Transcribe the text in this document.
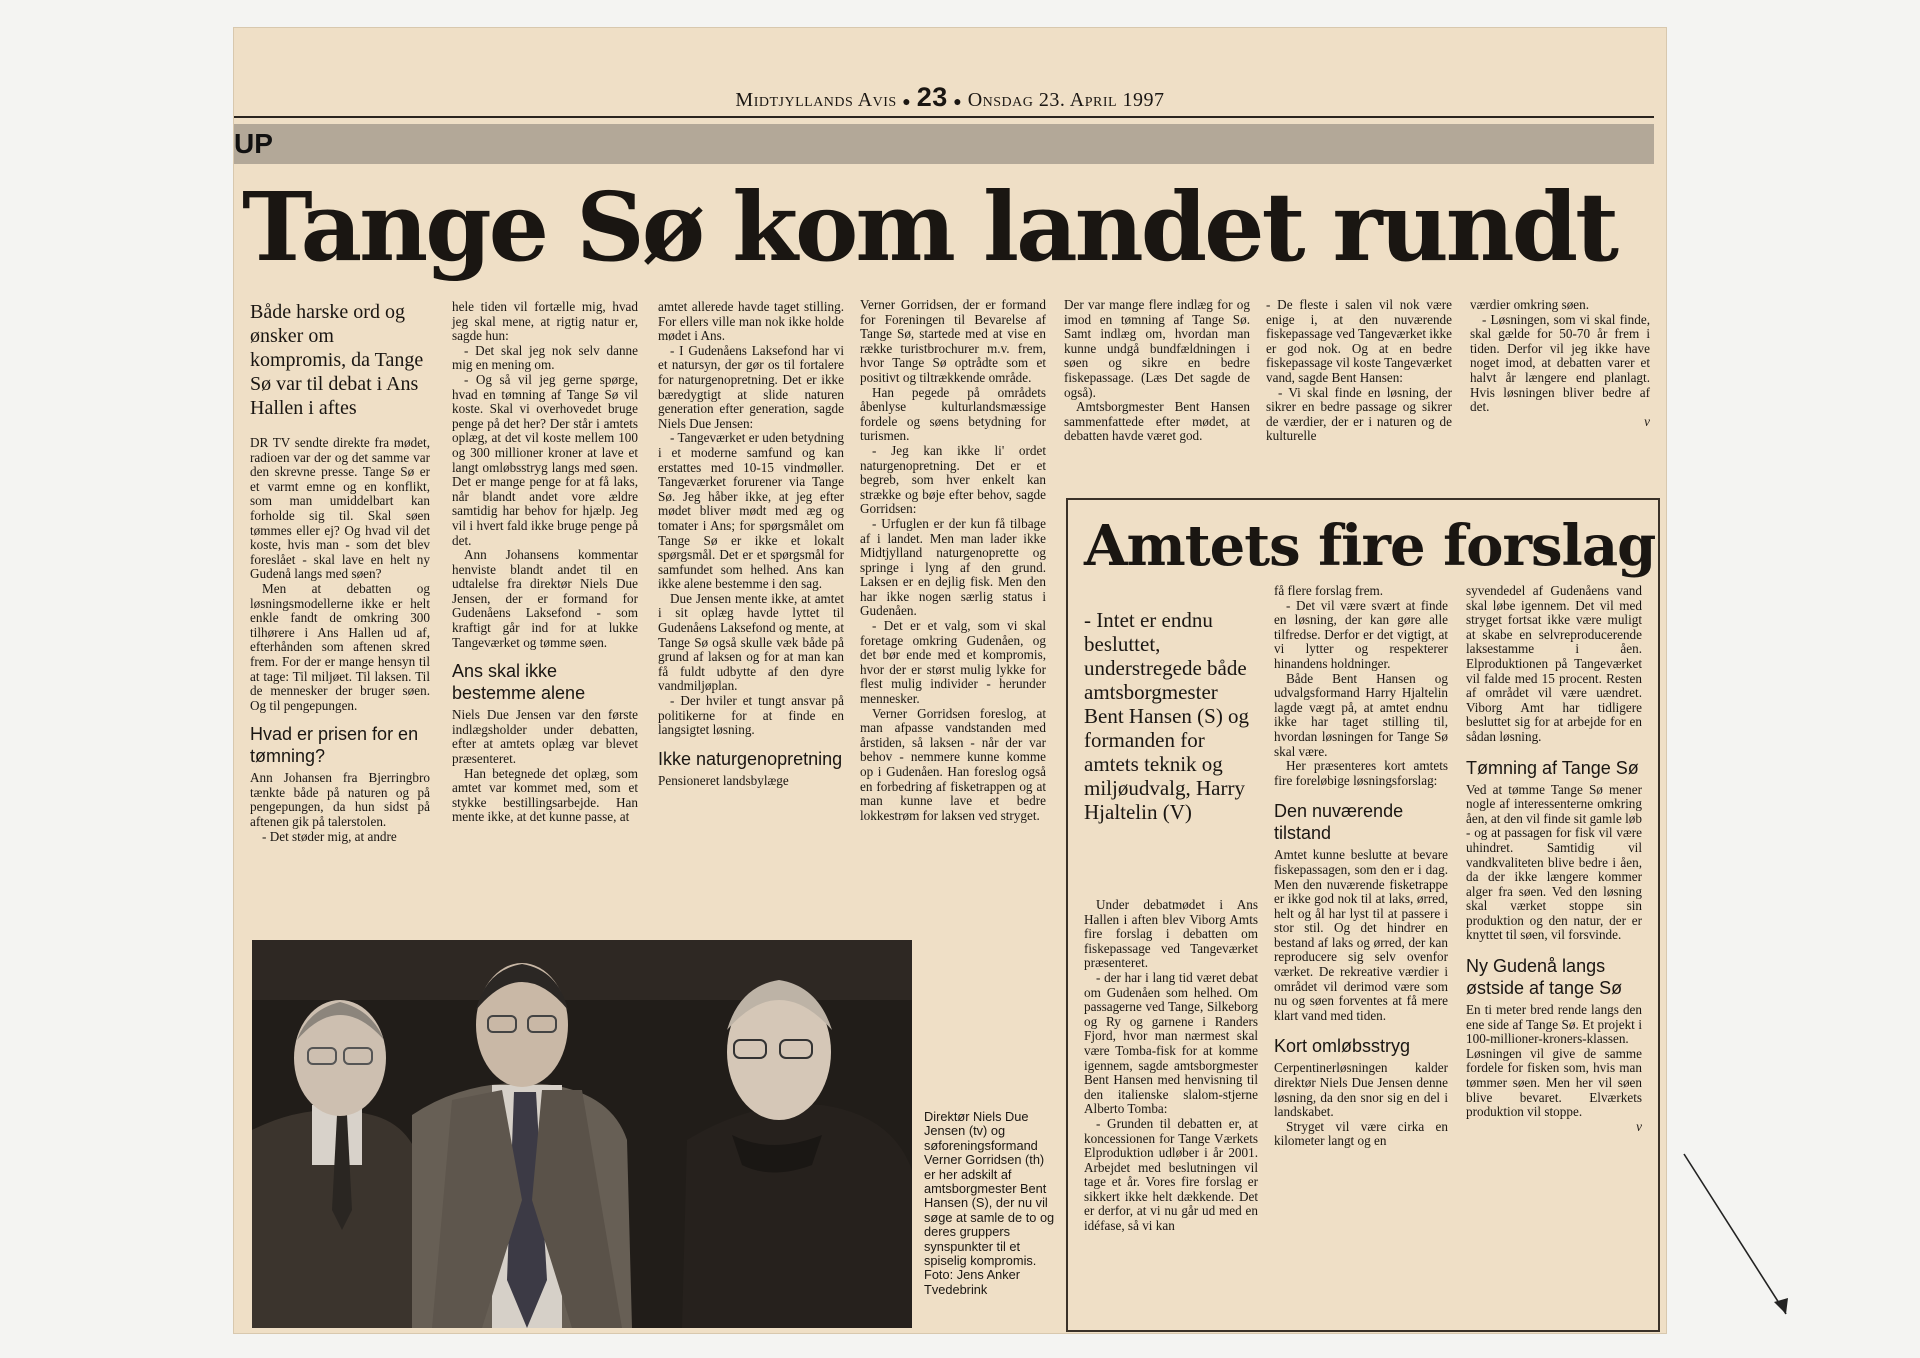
Midtjyllands Avis ● 23 ● Onsdag 23. April 1997
UP
Tange Sø kom landet rundt
Både harske ord og ønsker om kompromis, da Tange Sø var til debat i Ans Hallen i aftes

DR TV sendte direkte fra mødet, radioen var der og det samme var den skrevne presse. Tange Sø er et varmt emne og en konflikt, som man umiddelbart kan forholde sig til. Skal søen tømmes eller ej? Og hvad vil det koste, hvis man - som det blev foreslået - skal lave en helt ny Gudenå langs med søen?

Men at debatten og løsningsmodellerne ikke er helt enkle fandt de omkring 300 tilhørere i Ans Hallen ud af, efterhånden som aftenen skred frem. For der er mange hensyn til at tage: Til miljøet. Til laksen. Til de mennesker der bruger søen. Og til pengepungen.

Hvad er prisen for en tømning?

Ann Johansen fra Bjerringbro tænkte både på naturen og på pengepungen, da hun sidst på aftenen gik på talerstolen.

- Det støder mig, at andre

hele tiden vil fortælle mig, hvad jeg skal mene, at rigtig natur er, sagde hun:

- Det skal jeg nok selv danne mig en mening om.

- Og så vil jeg gerne spørge, hvad en tømning af Tange Sø vil koste. Skal vi overhovedet bruge penge på det her? Der står i amtets oplæg, at det vil koste mellem 100 og 300 millioner kroner at lave et langt omløbsstryg langs med søen. Det er mange penge for at få laks, når blandt andet vore ældre samtidig har behov for hjælp. Jeg vil i hvert fald ikke bruge penge på det.

Ann Johansens kommentar henviste blandt andet til en udtalelse fra direktør Niels Due Jensen, der er formand for Gudenåens Laksefond - som kraftigt går ind for at lukke Tangeværket og tømme søen.

Ans skal ikke bestemme alene

Niels Due Jensen var den første indlægsholder under debatten, efter at amtets oplæg var blevet præsenteret.

Han betegnede det oplæg, som amtet var kommet med, som et stykke bestillingsarbejde. Han mente ikke, at det kunne passe, at

amtet allerede havde taget stilling. For ellers ville man nok ikke holde mødet i Ans.

- I Gudenåens Laksefond har vi et natursyn, der gør os til fortalere for naturgenopretning. Det er ikke bæredygtigt at slide naturen generation efter generation, sagde Niels Due Jensen:

- Tangeværket er uden betydning i et moderne samfund og kan erstattes med 10-15 vindmøller. Tangeværket forurener via Tange Sø. Jeg håber ikke, at jeg efter mødet bliver mødt med æg og tomater i Ans; for spørgsmålet om Tange Sø er ikke et lokalt spørgsmål. Det er et spørgsmål for samfundet som helhed. Ans kan ikke alene bestemme i den sag.

Due Jensen mente ikke, at amtet i sit oplæg havde lyttet til Gudenåens Laksefond og mente, at Tange Sø også skulle væk både på grund af laksen og for at man kan få fuldt udbytte af den dyre vandmiljøplan.

- Der hviler et tungt ansvar på politikerne for at finde en langsigtet løsning.

Ikke naturgenopretning

Pensioneret landsbylæge

Verner Gorridsen, der er formand for Foreningen til Bevarelse af Tange Sø, startede med at vise en række turistbrochurer m.v. frem, hvor Tange Sø optrådte som et positivt og tiltrækkende område.

Han pegede på områdets åbenlyse kulturlandsmæssige fordele og søens betydning for turismen.

- Jeg kan ikke li' ordet naturgenopretning. Det er et begreb, som hver enkelt kan strække og bøje efter behov, sagde Gorridsen:

- Urfuglen er der kun få tilbage af i landet. Men man lader ikke Midtjylland naturgenoprette og springe i lyng af den grund. Laksen er en dejlig fisk. Men den har ikke nogen særlig status i Gudenåen.

- Det er et valg, som vi skal foretage omkring Gudenåen, og det bør ende med et kompromis, hvor der er størst mulig lykke for flest mulig individer - herunder mennesker.

Verner Gorridsen foreslog, at man afpasse vandstanden med årstiden, så laksen - når der var behov - nemmere kunne komme op i Gudenåen. Han foreslog også en forbedring af fisketrappen og at man kunne lave et bedre lokkestrøm for laksen ved stryget.

Der var mange flere indlæg for og imod en tømning af Tange Sø. Samt indlæg om, hvordan man kunne undgå bundfældningen i søen og sikre en bedre fiskepassage. (Læs Det sagde de også).

Amtsborgmester Bent Hansen sammenfattede efter mødet, at debatten havde været god.

- De fleste i salen vil nok være enige i, at den nuværende fiskepassage ved Tangeværket ikke er god nok. Og at en bedre fiskepassage vil koste Tangeværket vand, sagde Bent Hansen:

- Vi skal finde en løsning, der sikrer en bedre passage og sikrer de værdier, der er i naturen og de kulturelle

værdier omkring søen.

- Løsningen, som vi skal finde, skal gælde for 50-70 år frem i tiden. Derfor vil jeg ikke have noget imod, at debatten varer et halvt år længere end planlagt. Hvis løsningen bliver bedre af det.

v

Amtets fire forslag
- Intet er endnu besluttet, understregede både amtsborgmester Bent Hansen (S) og formanden for amtets teknik og miljøudvalg, Harry Hjaltelin (V)

Under debatmødet i Ans Hallen i aften blev Viborg Amts fire forslag i debatten om fiskepassage ved Tangeværket præsenteret.

- der har i lang tid været debat om Gudenåen som helhed. Om passagerne ved Tange, Silkeborg og Ry og garnene i Randers Fjord, hvor man nærmest skal være Tomba-fisk for at komme igennem, sagde amtsborgmester Bent Hansen med henvisning til den italienske slalom-stjerne Alberto Tomba:

- Grunden til debatten er, at koncessionen for Tange Værkets Elproduktion udløber i år 2001. Arbejdet med beslutningen vil tage et år. Vores fire forslag er sikkert ikke helt dækkende. Det er derfor, at vi nu går ud med en idéfase, så vi kan

få flere forslag frem.

- Det vil være svært at finde en løsning, der kan gøre alle tilfredse. Derfor er det vigtigt, at vi lytter og respekterer hinandens holdninger.

Både Bent Hansen og udvalgsformand Harry Hjaltelin lagde vægt på, at amtet endnu ikke har taget stilling til, hvordan løsningen for Tange Sø skal være.

Her præsenteres kort amtets fire foreløbige løsningsforslag:

Den nuværende tilstand

Amtet kunne beslutte at bevare fiskepassagen, som den er i dag. Men den nuværende fisketrappe er ikke god nok til at laks, ørred, helt og ål har lyst til at passere i stor stil. Og det hindrer en bestand af laks og ørred, der kan reproducere sig selv ovenfor værket. De rekreative værdier i området vil derimod være som nu og søen forventes at få mere klart vand med tiden.

Kort omløbsstryg

Cerpentinerløsningen kalder direktør Niels Due Jensen denne løsning, da den snor sig en del i landskabet.

Stryget vil være cirka en kilometer langt og en

syvendedel af Gudenåens vand skal løbe igennem. Det vil med stryget fortsat ikke være muligt at skabe en selvreproducerende laksestamme i åen. Elproduktionen på Tangeværket vil falde med 15 procent. Resten af området vil være uændret. Viborg Amt har tidligere besluttet sig for at arbejde for en sådan løsning.

Tømning af Tange Sø

Ved at tømme Tange Sø mener nogle af interessenterne omkring åen, at den vil finde sit gamle løb - og at passagen for fisk vil være uhindret. Samtidig vil vandkvaliteten blive bedre i åen, da der ikke længere kommer alger fra søen. Ved den løsning skal værket stoppe sin produktion og den natur, der er knyttet til søen, vil forsvinde.

Ny Gudenå langs østside af tange Sø

En ti meter bred rende langs den ene side af Tange Sø. Et projekt i 100-millioner-kroners-klassen. Løsningen vil give de samme fordele for fisken som, hvis man tømmer søen. Men her vil søen blive bevaret. Elværkets produktion vil stoppe.

v

Direktør Niels Due Jensen (tv) og søforeningsformand Verner Gorridsen (th) er her adskilt af amtsborgmester Bent Hansen (S), der nu vil søge at samle de to og deres gruppers synspunkter til et spiselig kompromis. Foto: Jens Anker Tvedebrink
